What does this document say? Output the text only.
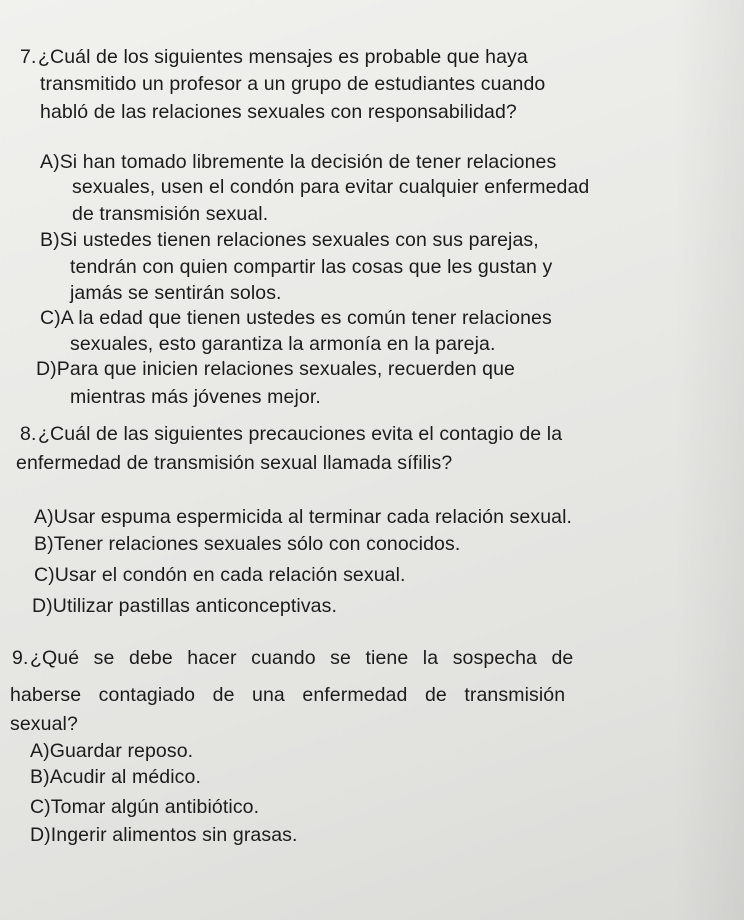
7. ¿Cuál de los siguientes mensajes es probable que haya
transmitido un profesor a un grupo de estudiantes cuando
habló de las relaciones sexuales con responsabilidad?
A)Si han tomado libremente la decisión de tener relaciones
sexuales, usen el condón para evitar cualquier enfermedad
de transmisión sexual.
B)Si ustedes tienen relaciones sexuales con sus parejas,
tendrán con quien compartir las cosas que les gustan y
jamás se sentirán solos.
C)A la edad que tienen ustedes es común tener relaciones
sexuales, esto garantiza la armonía en la pareja.
D)Para que inicien relaciones sexuales, recuerden que
mientras más jóvenes mejor.
8. ¿Cuál de las siguientes precauciones evita el contagio de la
enfermedad de transmisión sexual llamada sífilis?
A)Usar espuma espermicida al terminar cada relación sexual.
B)Tener relaciones sexuales sólo con conocidos.
C)Usar el condón en cada relación sexual.
D)Utilizar pastillas anticonceptivas.
9. ¿Qué se debe hacer cuando se tiene la sospecha de
haberse contagiado de una enfermedad de transmisión
sexual?
A)Guardar reposo.
B)Acudir al médico.
C)Tomar algún antibiótico.
D)Ingerir alimentos sin grasas.
